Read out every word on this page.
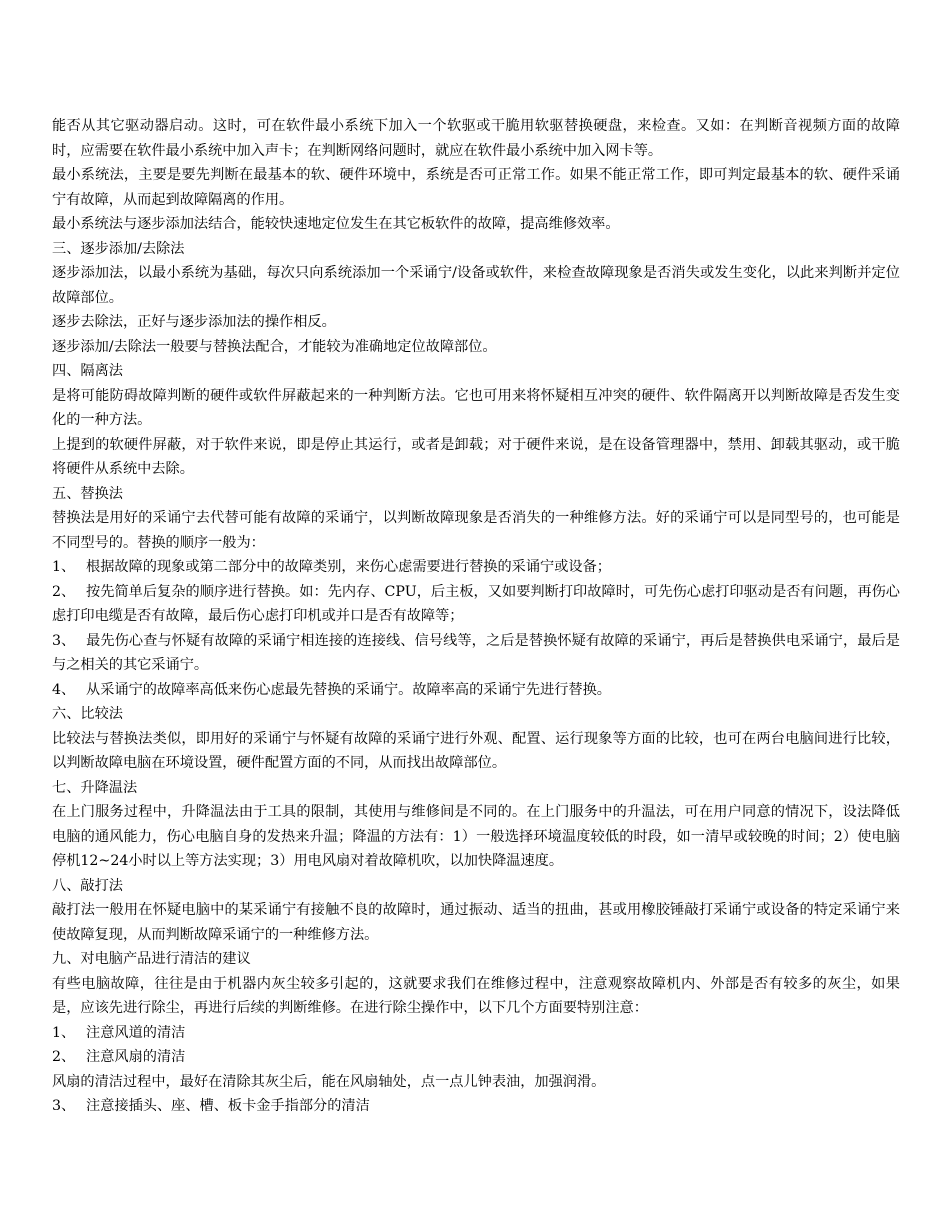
能否从其它驱动器启动。这时，可在软件最小系统下加入一个软驱或干脆用软驱替换硬盘，来检查。又如：在判断音视频方面的故障时，应需要在软件最小系统中加入声卡；在判断网络问题时，就应在软件最小系统中加入网卡等。
最小系统法，主要是要先判断在最基本的软、硬件环境中，系统是否可正常工作。如果不能正常工作，即可判定最基本的软、硬件采诵宁有故障，从而起到故障隔离的作用。
最小系统法与逐步添加法结合，能较快速地定位发生在其它板软件的故障，提高维修效率。
三、逐步添加/去除法
逐步添加法，以最小系统为基础，每次只向系统添加一个采诵宁/设备或软件，来检查故障现象是否消失或发生变化，以此来判断并定位故障部位。
逐步去除法，正好与逐步添加法的操作相反。
逐步添加/去除法一般要与替换法配合，才能较为准确地定位故障部位。
四、隔离法
是将可能防碍故障判断的硬件或软件屏蔽起来的一种判断方法。它也可用来将怀疑相互冲突的硬件、软件隔离开以判断故障是否发生变化的一种方法。
上提到的软硬件屏蔽，对于软件来说，即是停止其运行，或者是卸载；对于硬件来说，是在设备管理器中，禁用、卸载其驱动，或干脆将硬件从系统中去除。
五、替换法
替换法是用好的采诵宁去代替可能有故障的采诵宁，以判断故障现象是否消失的一种维修方法。好的采诵宁可以是同型号的，也可能是不同型号的。替换的顺序一般为：
1、 根据故障的现象或第二部分中的故障类别，来伤心虑需要进行替换的采诵宁或设备；
2、 按先简单后复杂的顺序进行替换。如：先内存、CPU，后主板，又如要判断打印故障时，可先伤心虑打印驱动是否有问题，再伤心虑打印电缆是否有故障，最后伤心虑打印机或并口是否有故障等；
3、 最先伤心查与怀疑有故障的采诵宁相连接的连接线、信号线等，之后是替换怀疑有故障的采诵宁，再后是替换供电采诵宁，最后是与之相关的其它采诵宁。
4、 从采诵宁的故障率高低来伤心虑最先替换的采诵宁。故障率高的采诵宁先进行替换。
六、比较法
比较法与替换法类似，即用好的采诵宁与怀疑有故障的采诵宁进行外观、配置、运行现象等方面的比较，也可在两台电脑间进行比较，以判断故障电脑在环境设置，硬件配置方面的不同，从而找出故障部位。
七、升降温法
在上门服务过程中，升降温法由于工具的限制，其使用与维修间是不同的。在上门服务中的升温法，可在用户同意的情况下，设法降低电脑的通风能力，伤心电脑自身的发热来升温；降温的方法有：1）一般选择环境温度较低的时段，如一清早或较晚的时间；2）使电脑停机12~24小时以上等方法实现；3）用电风扇对着故障机吹，以加快降温速度。
八、敲打法
敲打法一般用在怀疑电脑中的某采诵宁有接触不良的故障时，通过振动、适当的扭曲，甚或用橡胶锤敲打采诵宁或设备的特定采诵宁来使故障复现，从而判断故障采诵宁的一种维修方法。
九、对电脑产品进行清洁的建议
有些电脑故障，往往是由于机器内灰尘较多引起的，这就要求我们在维修过程中，注意观察故障机内、外部是否有较多的灰尘，如果是，应该先进行除尘，再进行后续的判断维修。在进行除尘操作中，以下几个方面要特别注意：
1、 注意风道的清洁
2、 注意风扇的清洁
风扇的清洁过程中，最好在清除其灰尘后，能在风扇轴处，点一点儿钟表油，加强润滑。
3、 注意接插头、座、槽、板卡金手指部分的清洁
